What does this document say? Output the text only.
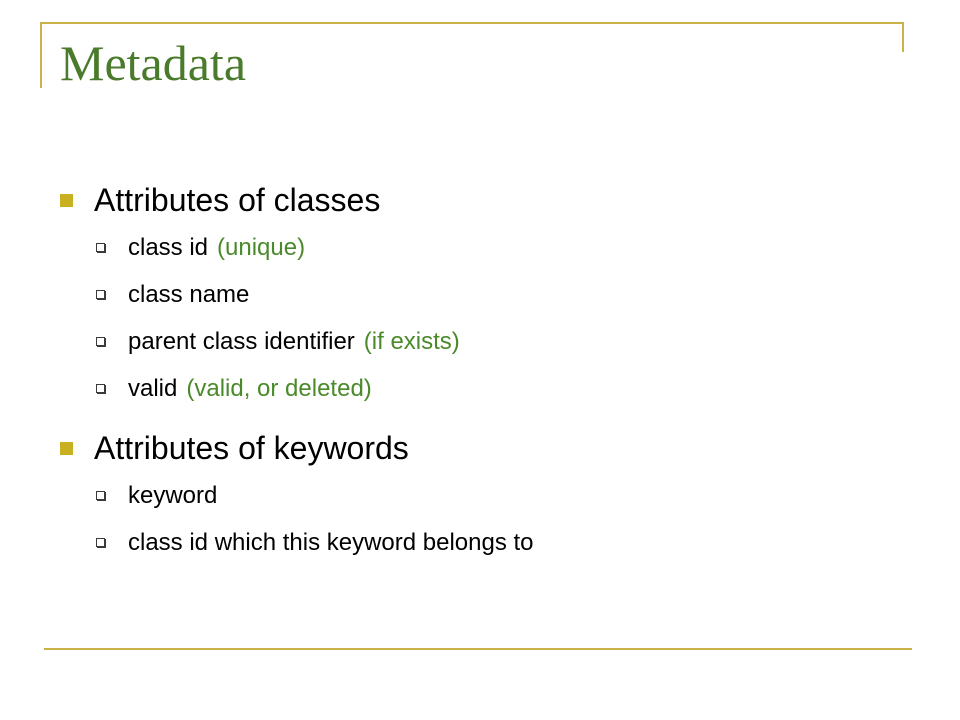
Metadata
Attributes of classes
class id (unique)
class name
parent class identifier (if exists)
valid (valid, or deleted)
Attributes of keywords
keyword
class id which this keyword belongs to
